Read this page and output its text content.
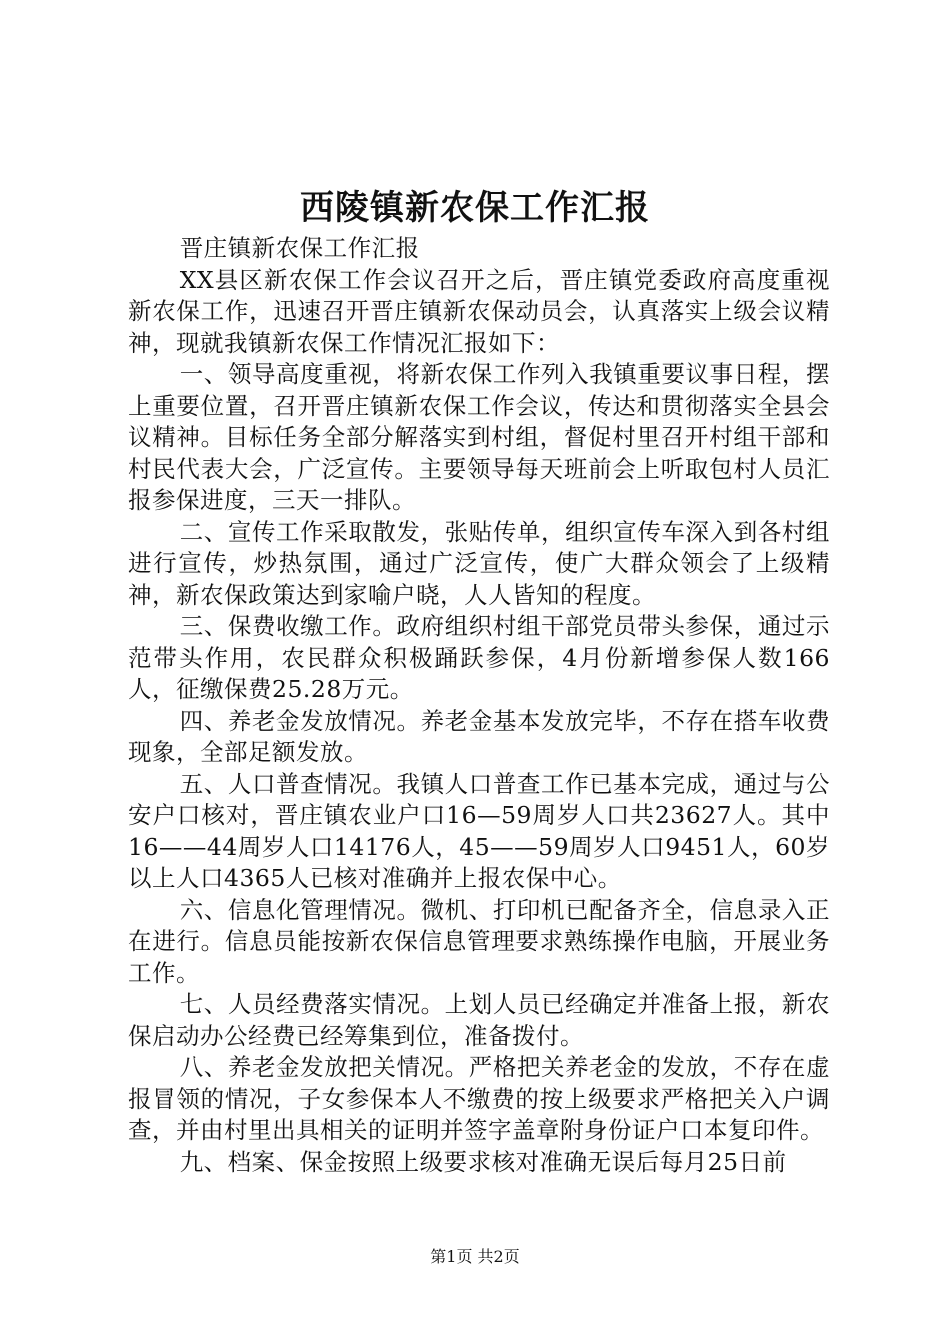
西陵镇新农保工作汇报

晋庄镇新农保工作汇报

XX县区新农保工作会议召开之后，晋庄镇党委政府高度重视新农保工作，迅速召开晋庄镇新农保动员会，认真落实上级会议精神，现就我镇新农保工作情况汇报如下：

一、领导高度重视，将新农保工作列入我镇重要议事日程，摆上重要位置，召开晋庄镇新农保工作会议，传达和贯彻落实全县会议精神。目标任务全部分解落实到村组，督促村里召开村组干部和村民代表大会，广泛宣传。主要领导每天班前会上听取包村人员汇报参保进度，三天一排队。

二、宣传工作采取散发，张贴传单，组织宣传车深入到各村组进行宣传，炒热氛围，通过广泛宣传，使广大群众领会了上级精神，新农保政策达到家喻户晓，人人皆知的程度。

三、保费收缴工作。政府组织村组干部党员带头参保，通过示范带头作用，农民群众积极踊跃参保，4月份新增参保人数166人，征缴保费25.28万元。

四、养老金发放情况。养老金基本发放完毕，不存在搭车收费现象，全部足额发放。

五、人口普查情况。我镇人口普查工作已基本完成，通过与公安户口核对，晋庄镇农业户口16—59周岁人口共23627人。其中16——44周岁人口14176人，45——59周岁人口9451人，60岁以上人口4365人已核对准确并上报农保中心。

六、信息化管理情况。微机、打印机已配备齐全，信息录入正在进行。信息员能按新农保信息管理要求熟练操作电脑，开展业务工作。

七、人员经费落实情况。上划人员已经确定并准备上报，新农保启动办公经费已经筹集到位，准备拨付。

八、养老金发放把关情况。严格把关养老金的发放，不存在虚报冒领的情况，子女参保本人不缴费的按上级要求严格把关入户调查，并由村里出具相关的证明并签字盖章附身份证户口本复印件。

九、档案、保金按照上级要求核对准确无误后每月25日前

第1页 共2页
